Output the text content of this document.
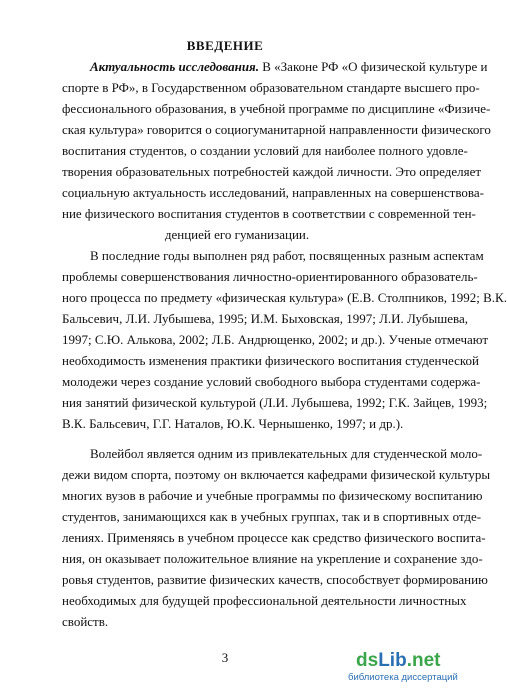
ВВЕДЕНИЕ
Актуальность исследования. В «Законе РФ «О физической культуре и
спорте в РФ», в Государственном образовательном стандарте высшего про-
фессионального образования, в учебной программе по дисциплине «Физиче-
ская культура» говорится о социогуманитарной направленности физического
воспитания студентов, о создании условий для наиболее полного удовле-
творения образовательных потребностей каждой личности. Это определяет
социальную актуальность исследований, направленных на совершенствова-
ние физического воспитания студентов в соответствии с современной тен-
денцией его гуманизации.
В последние годы выполнен ряд работ, посвященных разным аспектам
проблемы совершенствования личностно-ориентированного образователь-
ного процесса по предмету «физическая культура» (Е.В. Столпников, 1992; В.К.
Бальсевич, Л.И. Лубышева, 1995; И.М. Быховская, 1997; Л.И. Лубышева,
1997; С.Ю. Алькова, 2002; Л.Б. Андрющенко, 2002; и др.). Ученые отмечают
необходимость изменения практики физического воспитания студенческой
молодежи через создание условий свободного выбора студентами содержа-
ния занятий физической культурой (Л.И. Лубышева, 1992; Г.К. Зайцев, 1993;
В.К. Бальсевич, Г.Г. Наталов, Ю.К. Чернышенко, 1997; и др.).
Волейбол является одним из привлекательных для студенческой моло-
дежи видом спорта, поэтому он включается кафедрами физической культуры
многих вузов в рабочие и учебные программы по физическому воспитанию
студентов, занимающихся как в учебных группах, так и в спортивных отде-
лениях. Применяясь в учебном процессе как средство физического воспита-
ния, он оказывает положительное влияние на укрепление и сохранение здо-
ровья студентов, развитие физических качеств, способствует формированию
необходимых для будущей профессиональной деятельности личностных
свойств.
3	dsLib.net
библиотека диссертаций
